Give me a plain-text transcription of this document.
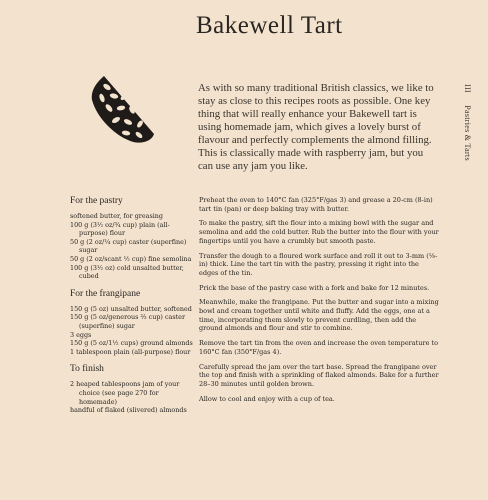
Bakewell Tart
As with so many traditional British classics, we like to stay as close to this recipes roots as possible. One key thing that will really enhance your Bakewell tart is using homemade jam, which gives a lovely burst of flavour and perfectly complements the almond filling. This is classically made with raspberry jam, but you can use any jam you like.
III Pastries & Tarts
For the pastry
softened butter, for greasing
100 g (3½ oz/¾ cup) plain (all-purpose) flour
50 g (2 oz/¼ cup) caster (superfine) sugar
50 g (2 oz/scant ½ cup) fine semolina
100 g (3½ oz) cold unsalted butter, cubed
For the frangipane
150 g (5 oz) unsalted butter, softened
150 g (5 oz/generous ⅔ cup) caster (superfine) sugar
3 eggs
150 g (5 oz/1½ cups) ground almonds
1 tablespoon plain (all-purpose) flour
To finish
2 heaped tablespoons jam of your choice (see page 270 for homemade)
handful of flaked (slivered) almonds

Preheat the oven to 140°C fan (325°F/gas 3) and grease a 20-cm (8-in) tart tin (pan) or deep baking tray with butter.

To make the pastry, sift the flour into a mixing bowl with the sugar and semolina and add the cold butter. Rub the butter into the flour with your fingertips until you have a crumbly but smooth paste.

Transfer the dough to a floured work surface and roll it out to 3-mm (⅛-in) thick. Line the tart tin with the pastry, pressing it right into the edges of the tin.

Prick the base of the pastry case with a fork and bake for 12 minutes.

Meanwhile, make the frangipane. Put the butter and sugar into a mixing bowl and cream together until white and fluffy. Add the eggs, one at a time, incorporating them slowly to prevent curdling, then add the ground almonds and flour and stir to combine.

Remove the tart tin from the oven and increase the oven temperature to 160°C fan (350°F/gas 4).

Carefully spread the jam over the tart base. Spread the frangipane over the top and finish with a sprinkling of flaked almonds. Bake for a further 28–30 minutes until golden brown.

Allow to cool and enjoy with a cup of tea.
